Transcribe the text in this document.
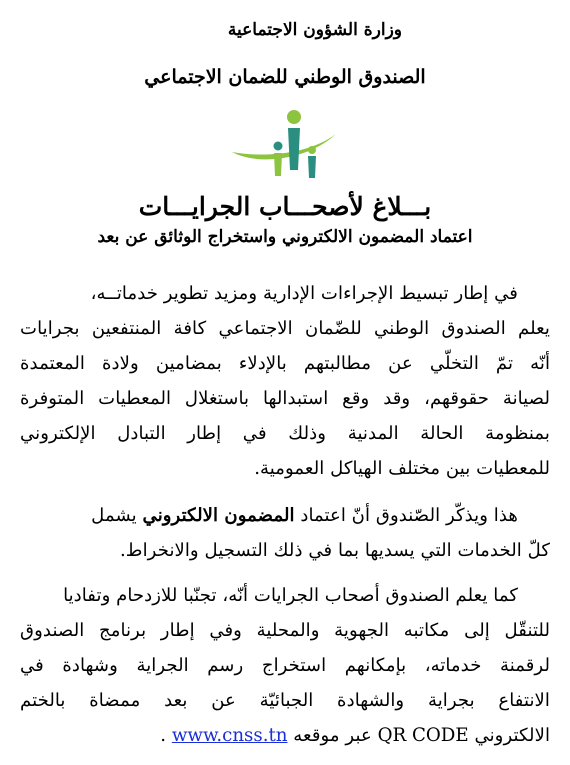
وزارة الشؤون الاجتماعية
الصندوق الوطني للضمان الاجتماعي
بـــلاغ لأصحـــاب الجرايـــات
اعتماد المضمون الالكتروني واستخراج الوثائق عن بعد
في إطار تبسيط الإجراءات الإدارية ومزيد تطوير خدماتــه،
يعلم الصندوق الوطني للضّمان الاجتماعي كافة المنتفعين بجرايات
أنّه تمّ التخلّي عن مطالبتهم بالإدلاء بمضامين ولادة المعتمدة
لصيانة حقوقهم، وقد وقع استبدالها باستغلال المعطيات المتوفرة
بمنظومة الحالة المدنية وذلك في إطار التبادل الإلكتروني
للمعطيات بين مختلف الهياكل العمومية.
هذا ويذكّر الصّندوق أنّ اعتماد المضمون الالكتروني يشمل
كلّ الخدمات التي يسديها بما في ذلك التسجيل والانخراط.
كما يعلم الصندوق أصحاب الجرايات أنّه، تجنّبا للازدحام وتفاديا
للتنقّل إلى مكاتبه الجهوية والمحلية وفي إطار برنامج الصندوق
لرقمنة خدماته، بإمكانهم استخراج رسم الجراية وشهادة في
الانتفاع بجراية والشهادة الجبائيّة عن بعد ممضاة بالختم
الالكتروني QR CODE عبر موقعه www.cnss.tn .
